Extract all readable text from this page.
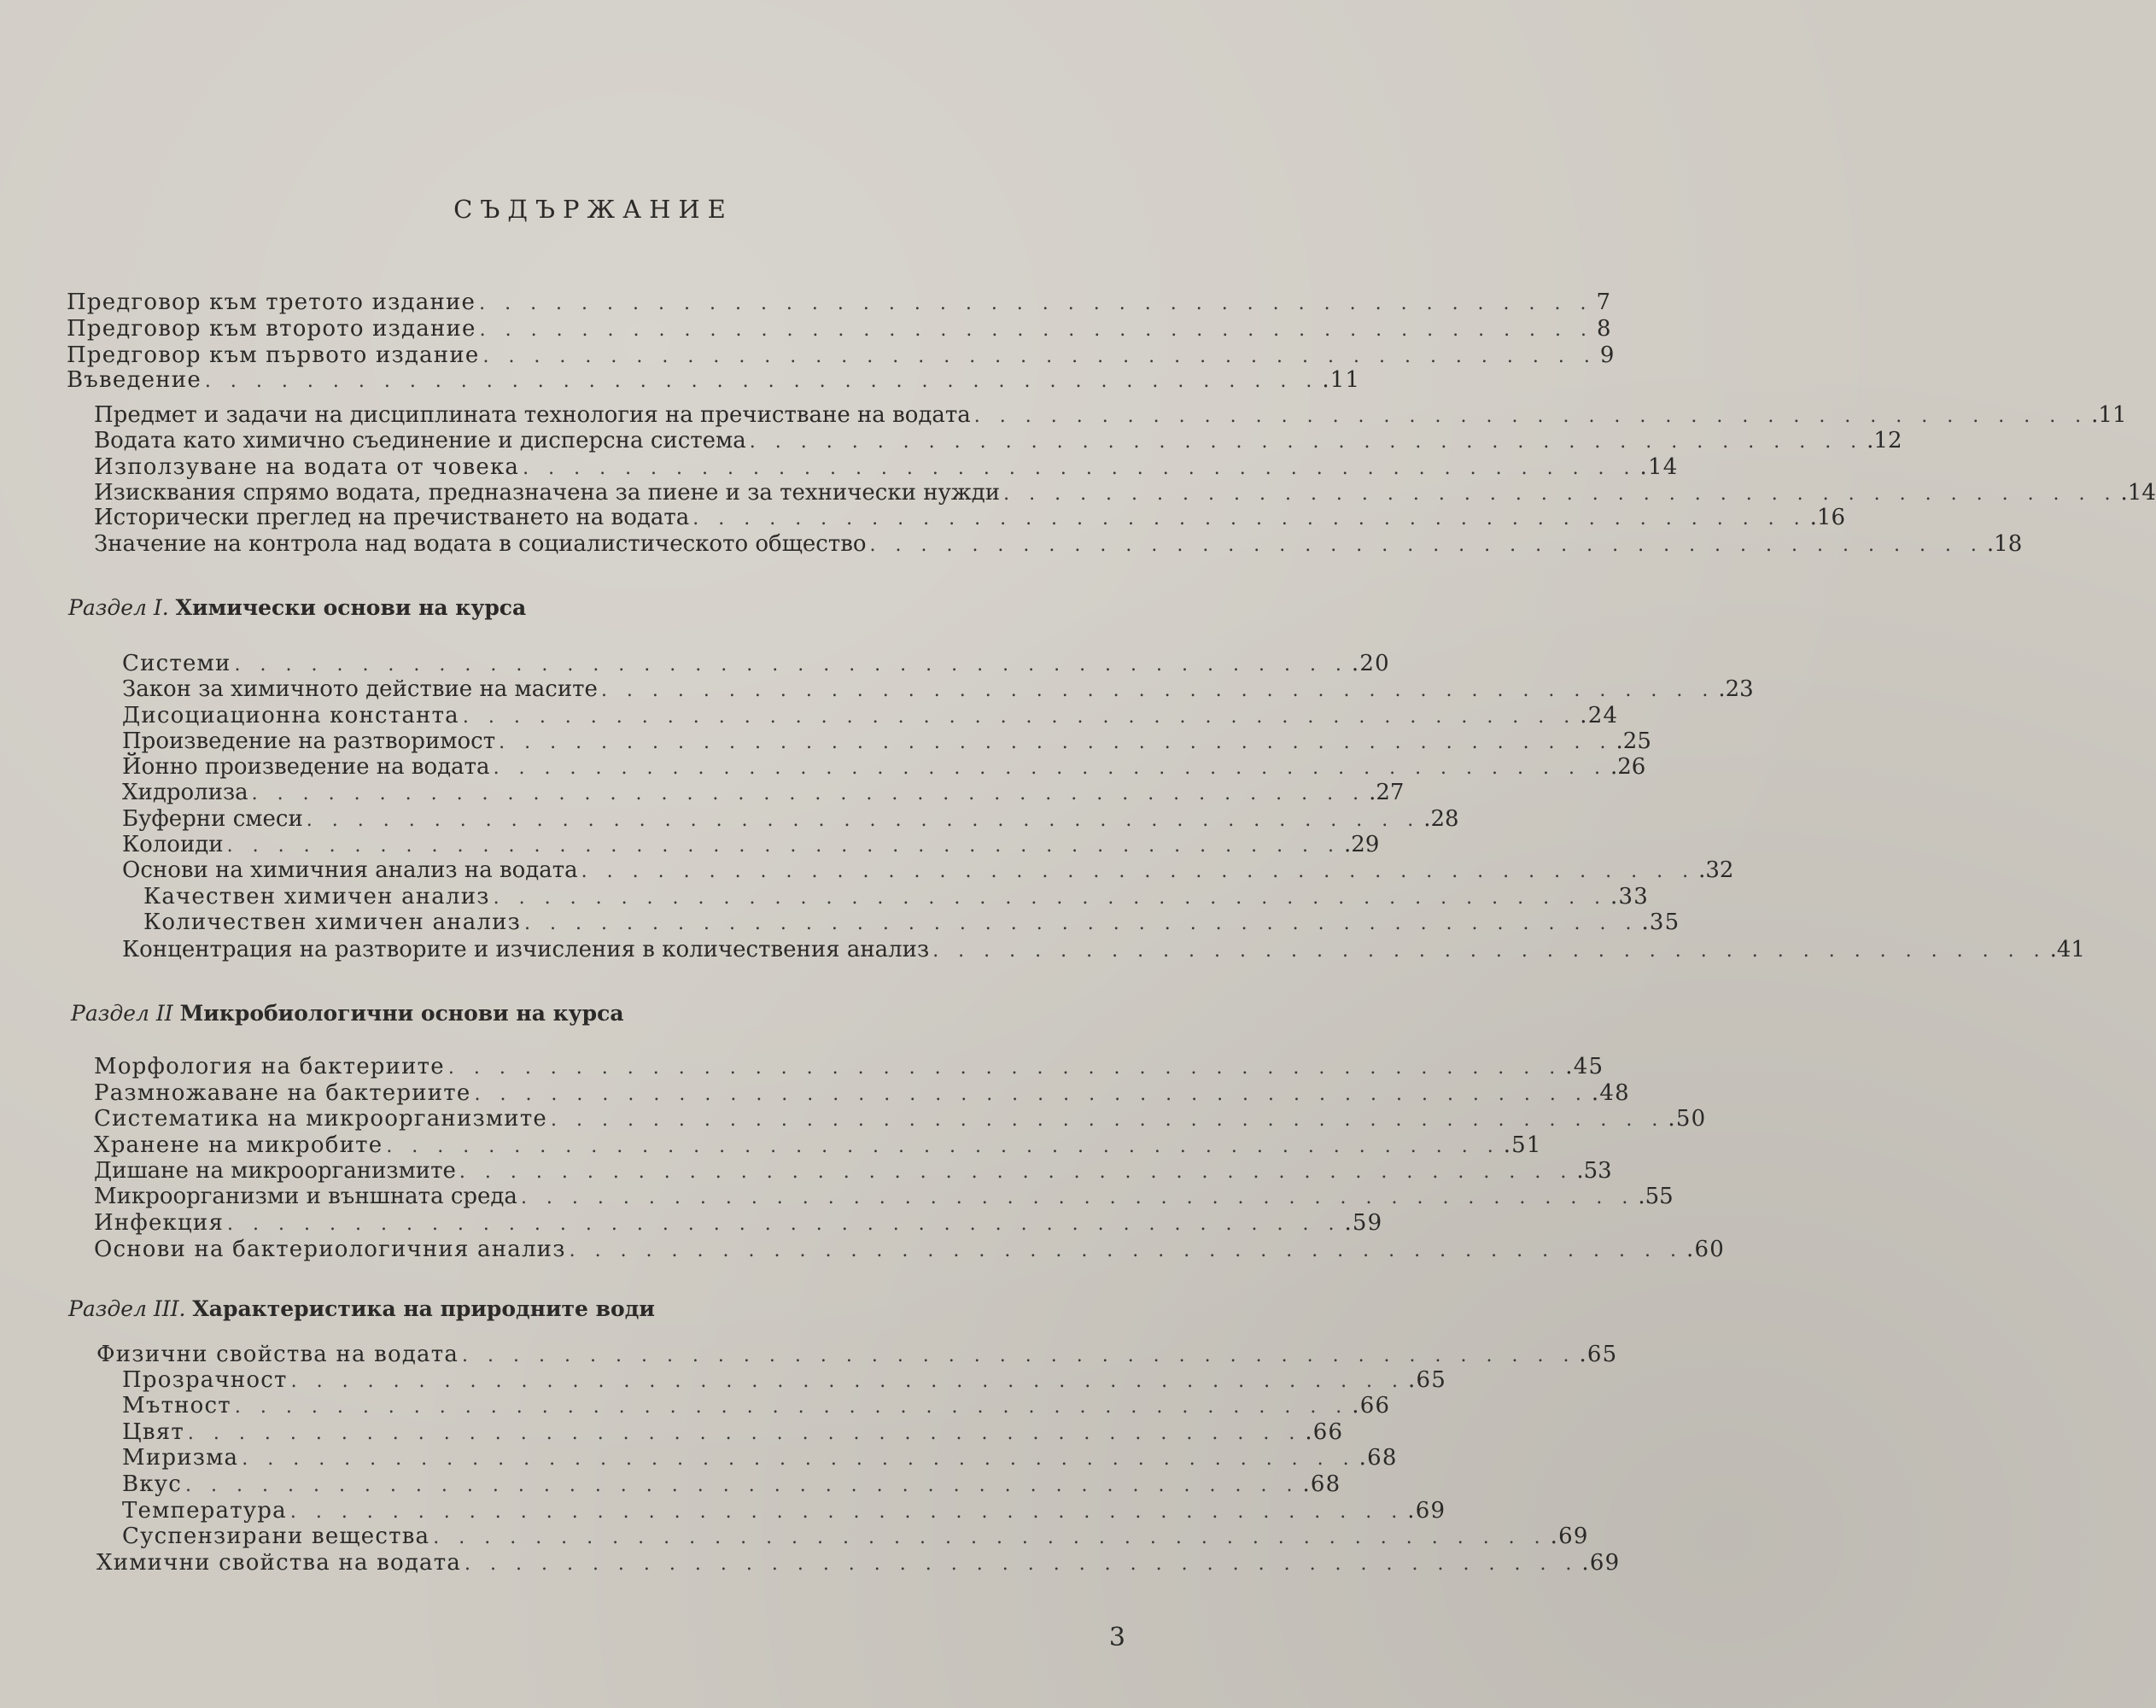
СЪДЪРЖАНИЕ
Предговор към третото издание . . . . . . . . . . . . . . . . . . . . . . . . . . . . . . . . . . . . . . . . . . . . 7
Предговор към второто издание . . . . . . . . . . . . . . . . . . . . . . . . . . . . . . . . . . . . . . . . . . . . 8
Предговор към първото издание . . . . . . . . . . . . . . . . . . . . . . . . . . . . . . . . . . . . . . . . . . . . 9
Въведение . . . . . . . . . . . . . . . . . . . . . . . . . . . . . . . . . . . . . . . . . . . . .11
Предмет и задачи на дисциплината технология на пречистване на водата . . . . . . . . . . . . . . . . . . . . . . . . . . . . . . . . . . . . . . . . . . . . .11
Водата като химично съединение и дисперсна система . . . . . . . . . . . . . . . . . . . . . . . . . . . . . . . . . . . . . . . . . . . . .12
Използуване на водата от човека . . . . . . . . . . . . . . . . . . . . . . . . . . . . . . . . . . . . . . . . . . . . .14
Изисквания спрямо водата, предназначена за пиене и за технически нужди . . . . . . . . . . . . . . . . . . . . . . . . . . . . . . . . . . . . . . . . . . . . .14
Исторически преглед на пречистването на водата . . . . . . . . . . . . . . . . . . . . . . . . . . . . . . . . . . . . . . . . . . . . .16
Значение на контрола над водата в социалистическото общество . . . . . . . . . . . . . . . . . . . . . . . . . . . . . . . . . . . . . . . . . . . . .18
Раздел I. Химически основи на курса
Системи . . . . . . . . . . . . . . . . . . . . . . . . . . . . . . . . . . . . . . . . . . . . .20
Закон за химичното действие на масите . . . . . . . . . . . . . . . . . . . . . . . . . . . . . . . . . . . . . . . . . . . . .23
Дисоциационна константа . . . . . . . . . . . . . . . . . . . . . . . . . . . . . . . . . . . . . . . . . . . . .24
Произведение на разтворимост . . . . . . . . . . . . . . . . . . . . . . . . . . . . . . . . . . . . . . . . . . . . .25
Йонно произведение на водата . . . . . . . . . . . . . . . . . . . . . . . . . . . . . . . . . . . . . . . . . . . . .26
Хидролиза . . . . . . . . . . . . . . . . . . . . . . . . . . . . . . . . . . . . . . . . . . . . .27
Буферни смеси . . . . . . . . . . . . . . . . . . . . . . . . . . . . . . . . . . . . . . . . . . . . .28
Колоиди . . . . . . . . . . . . . . . . . . . . . . . . . . . . . . . . . . . . . . . . . . . . .29
Основи на химичния анализ на водата . . . . . . . . . . . . . . . . . . . . . . . . . . . . . . . . . . . . . . . . . . . . .32
Качествен химичен анализ . . . . . . . . . . . . . . . . . . . . . . . . . . . . . . . . . . . . . . . . . . . . .33
Количествен химичен анализ . . . . . . . . . . . . . . . . . . . . . . . . . . . . . . . . . . . . . . . . . . . . .35
Концентрация на разтворите и изчисления в количествения анализ . . . . . . . . . . . . . . . . . . . . . . . . . . . . . . . . . . . . . . . . . . . . .41
Раздел II Микробиологични основи на курса
Морфология на бактериите . . . . . . . . . . . . . . . . . . . . . . . . . . . . . . . . . . . . . . . . . . . . .45
Размножаване на бактериите . . . . . . . . . . . . . . . . . . . . . . . . . . . . . . . . . . . . . . . . . . . . .48
Систематика на микроорганизмите . . . . . . . . . . . . . . . . . . . . . . . . . . . . . . . . . . . . . . . . . . . . .50
Хранене на микробите . . . . . . . . . . . . . . . . . . . . . . . . . . . . . . . . . . . . . . . . . . . . .51
Дишане на микроорганизмите . . . . . . . . . . . . . . . . . . . . . . . . . . . . . . . . . . . . . . . . . . . . .53
Микроорганизми и външната среда . . . . . . . . . . . . . . . . . . . . . . . . . . . . . . . . . . . . . . . . . . . . .55
Инфекция . . . . . . . . . . . . . . . . . . . . . . . . . . . . . . . . . . . . . . . . . . . . .59
Основи на бактериологичния анализ . . . . . . . . . . . . . . . . . . . . . . . . . . . . . . . . . . . . . . . . . . . . .60
Раздел III. Характеристика на природните води
Физични свойства на водата . . . . . . . . . . . . . . . . . . . . . . . . . . . . . . . . . . . . . . . . . . . . .65
Прозрачност . . . . . . . . . . . . . . . . . . . . . . . . . . . . . . . . . . . . . . . . . . . . .65
Мътност . . . . . . . . . . . . . . . . . . . . . . . . . . . . . . . . . . . . . . . . . . . . .66
Цвят . . . . . . . . . . . . . . . . . . . . . . . . . . . . . . . . . . . . . . . . . . . . .66
Миризма . . . . . . . . . . . . . . . . . . . . . . . . . . . . . . . . . . . . . . . . . . . . .68
Вкус . . . . . . . . . . . . . . . . . . . . . . . . . . . . . . . . . . . . . . . . . . . . .68
Температура . . . . . . . . . . . . . . . . . . . . . . . . . . . . . . . . . . . . . . . . . . . . .69
Суспензирани вещества . . . . . . . . . . . . . . . . . . . . . . . . . . . . . . . . . . . . . . . . . . . . .69
Химични свойства на водата . . . . . . . . . . . . . . . . . . . . . . . . . . . . . . . . . . . . . . . . . . . . .69
3
